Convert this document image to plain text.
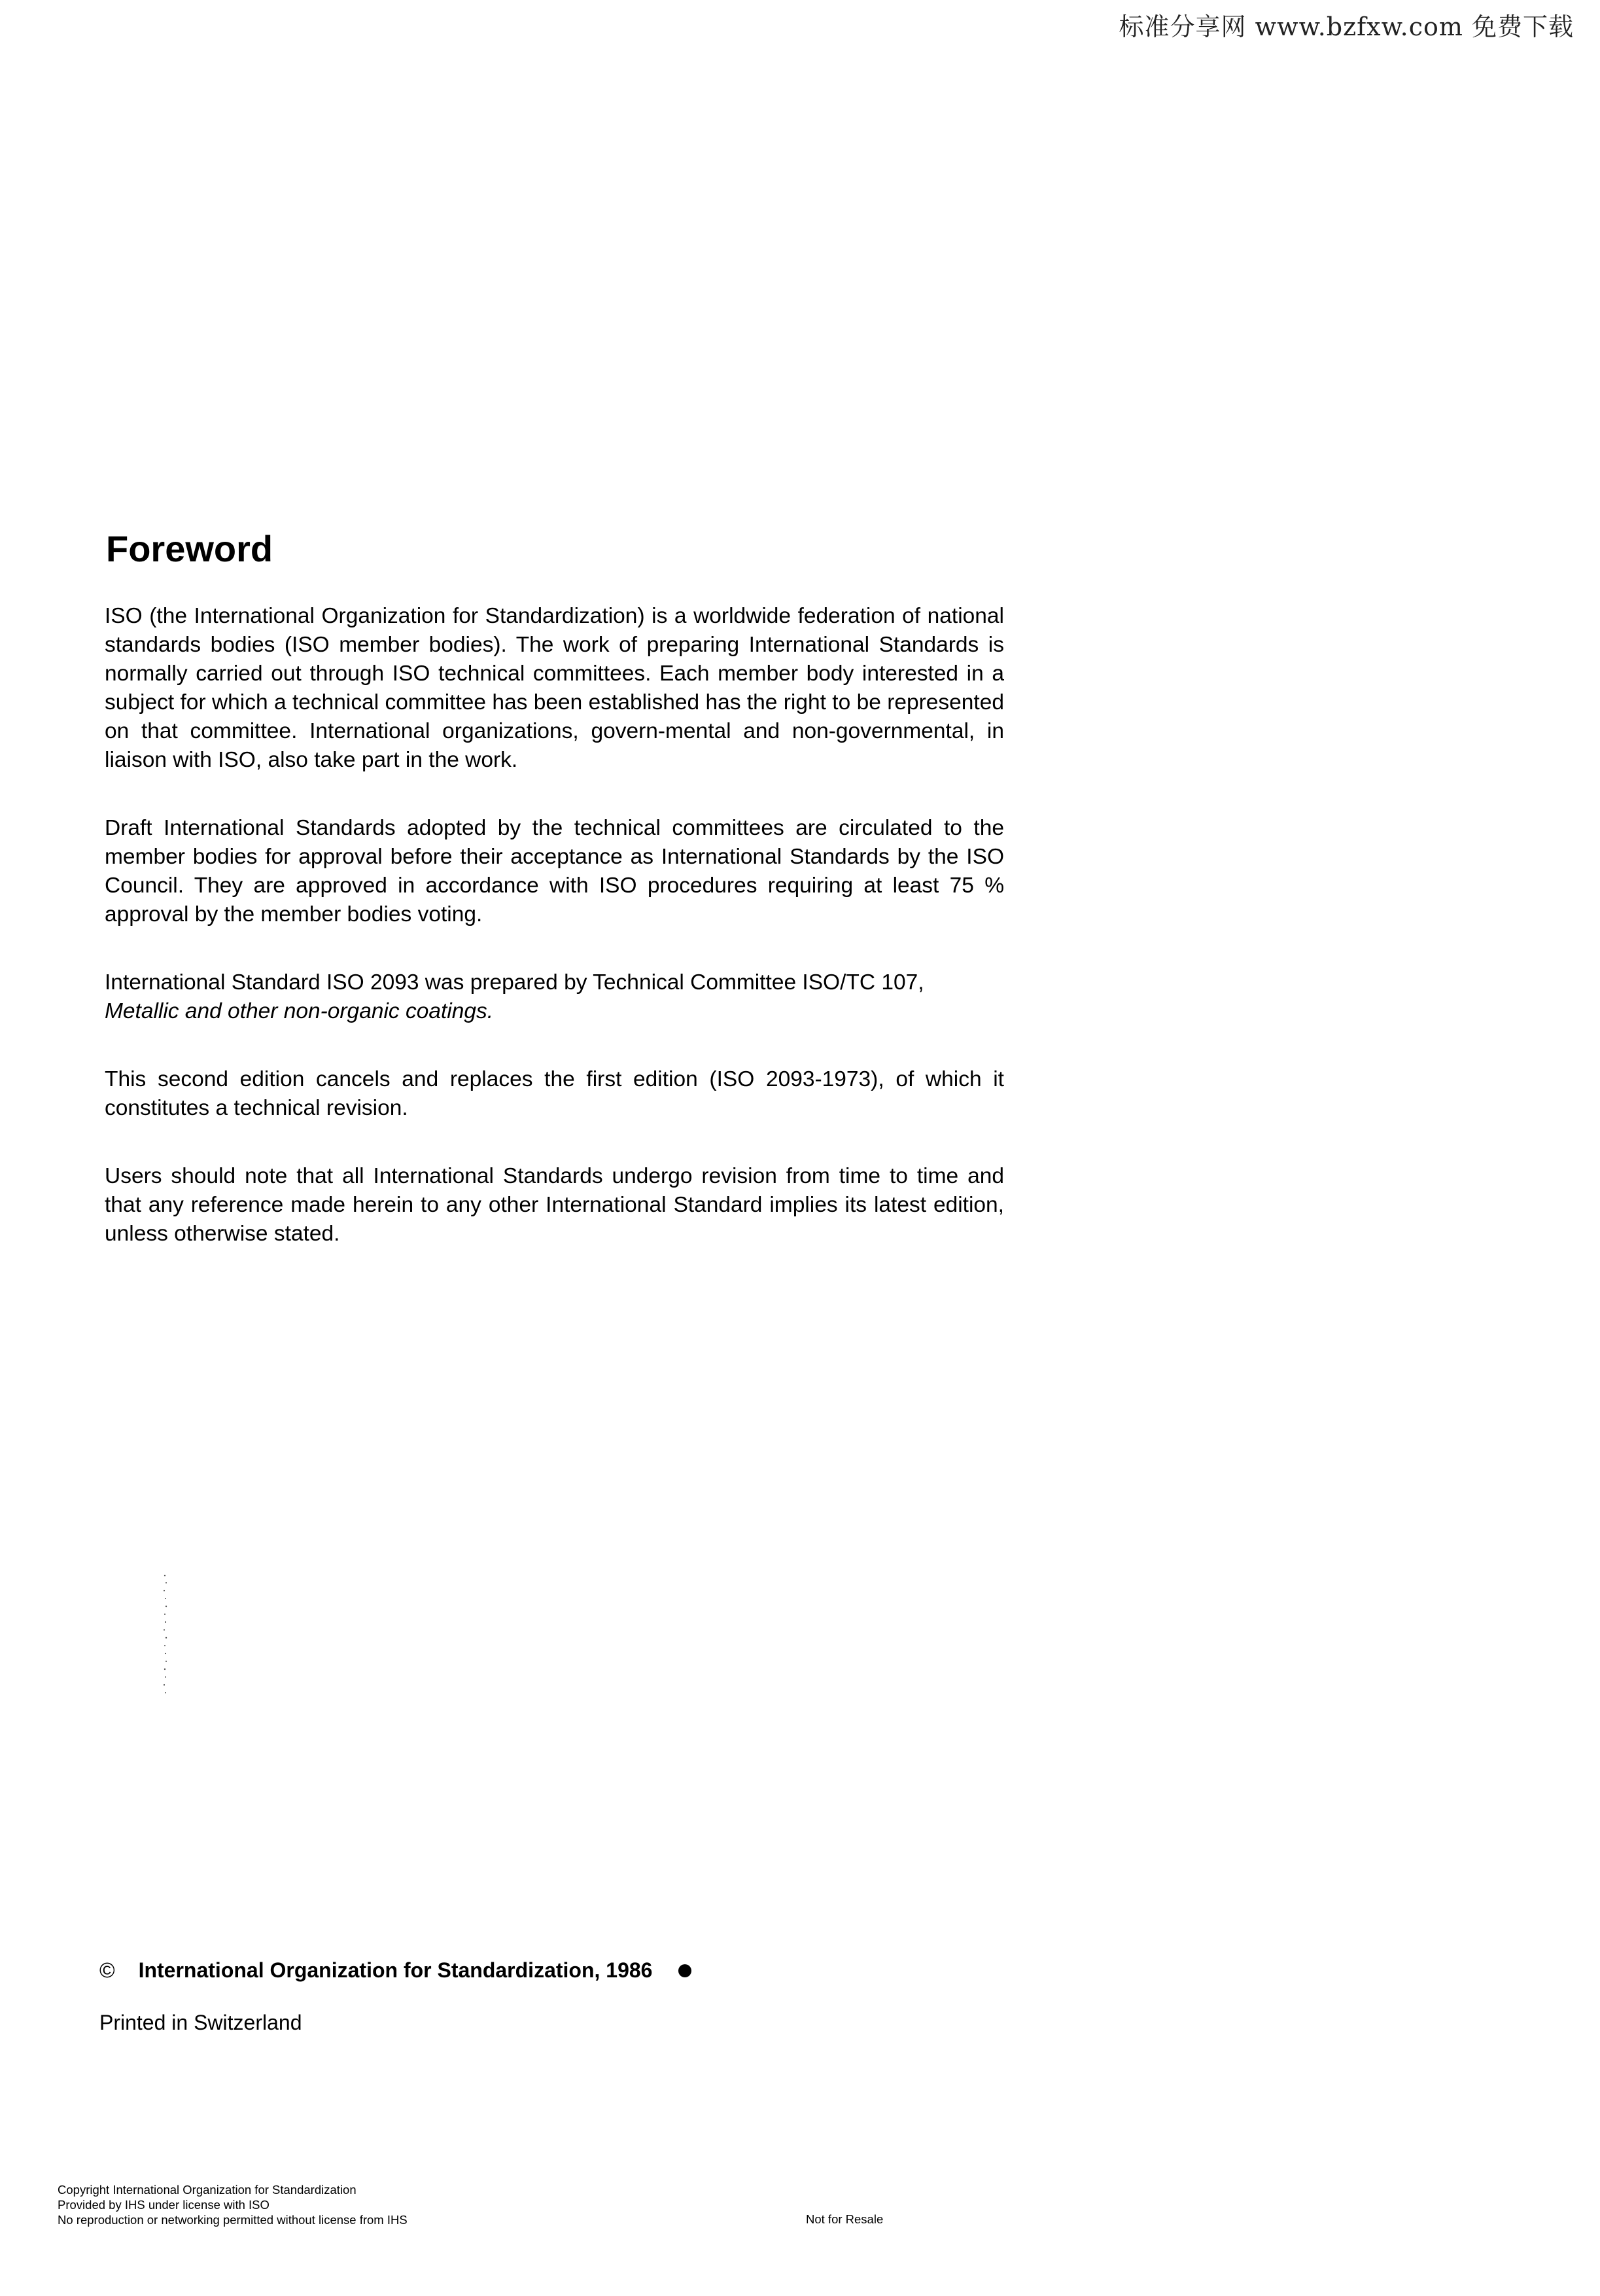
标准分享网 www.bzfxw.com 免费下载
Foreword

ISO (the International Organization for Standardization) is a worldwide federation of national standards bodies (ISO member bodies). The work of preparing International Standards is normally carried out through ISO technical committees. Each member body interested in a subject for which a technical committee has been established has the right to be represented on that committee. International organizations, govern-mental and non-governmental, in liaison with ISO, also take part in the work.

Draft International Standards adopted by the technical committees are circulated to the member bodies for approval before their acceptance as International Standards by the ISO Council. They are approved in accordance with ISO procedures requiring at least 75 % approval by the member bodies voting.

International Standard ISO 2093 was prepared by Technical Committee ISO/TC 107,
Metallic and other non-organic coatings.

This second edition cancels and replaces the first edition (ISO 2093-1973), of which it constitutes a technical revision.

Users should note that all International Standards undergo revision from time to time and that any reference made herein to any other International Standard implies its latest edition, unless otherwise stated.

© International Organization for Standardization, 1986
Printed in Switzerland
Copyright International Organization for Standardization
Provided by IHS under license with ISO
No reproduction or networking permitted without license from IHS	Not for Resale
